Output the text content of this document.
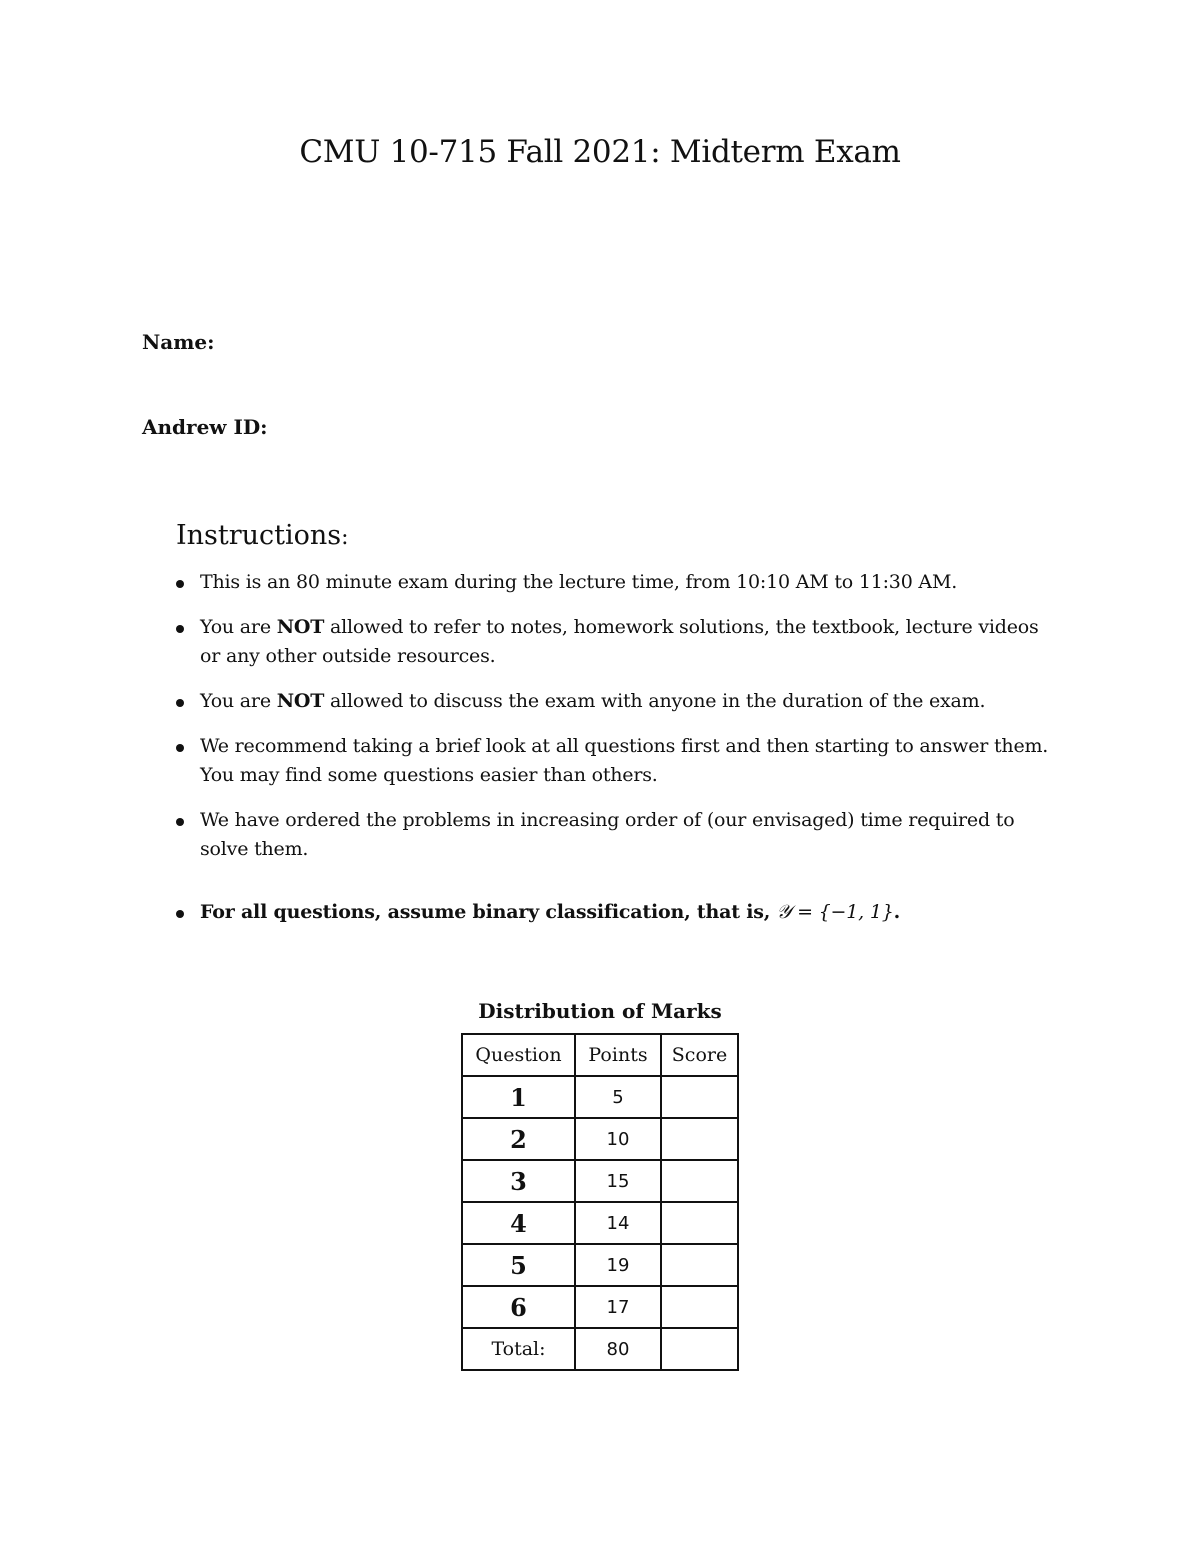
CMU 10-715 Fall 2021: Midterm Exam
Name:
Andrew ID:
Instructions:
This is an 80 minute exam during the lecture time, from 10:10 AM to 11:30 AM.
You are NOT allowed to refer to notes, homework solutions, the textbook, lecture videos or any other outside resources.
You are NOT allowed to discuss the exam with anyone in the duration of the exam.
We recommend taking a brief look at all questions first and then starting to answer them. You may find some questions easier than others.
We have ordered the problems in increasing order of (our envisaged) time required to solve them.
For all questions, assume binary classification, that is, 𝒴 = {−1, 1}.
Distribution of Marks
Question	Points	Score
1	5	
2	10	
3	15	
4	14	
5	19	
6	17	
Total:	80	
